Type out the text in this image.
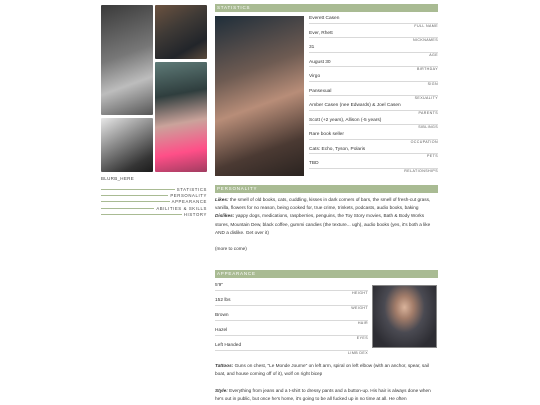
BLURB_HERE
STATISTICS
PERSONALITY
APPEARANCE
ABILITIES & SKILLS
HISTORY
STATISTICS
Everett Casen
FULL NAME
Ever, Rhett
NICKNAMES
31
AGE
August 30
BIRTHDAY
Virgo
SIGN
Pansexual
SEXUALITY
Amber Casen (nee Edwards) & Joel Casen
PARENTS
Scott (+2 years), Allison (-5 years)
SIBLINGS
Rare book seller
OCCUPATION
Cats: Echo, Tyson, Polaris
PETS
TBD
RELATIONSHIPS
PERSONALITY
Likes: the smell of old books, cats, cuddling, kisses in dark corners of bars, the smell of fresh-cut grass, vanilla, flowers for no reason, being cooked for, true crime, trinkets, podcasts, audio books, baking
Dislikes: yappy dogs, medications, raspberries, penguins, the Toy Story movies, Bath & Body Works stores, Mountain Dew, black coffee, gummi candies (the texture... ugh), audio books (yes, it's both a like AND a dislike. Get over it)
(more to come)
APPEARANCE
5'9"
HEIGHT
152 lbs
WEIGHT
Brown
HAIR
Hazel
EYES
Left Handed
LIMB DEX
Tattoos: Guns on chest, "Le Monde Journe" on left arm, spiral on left elbow (with an anchor, spear, sail boat, and house coming off of it), wolf on right bicep
Style: Everything from jeans and a t-shirt to dressy pants and a button-up. His hair is always done when he's out in public, but once he's home, it's going to be all fucked up in no time at all. He often
